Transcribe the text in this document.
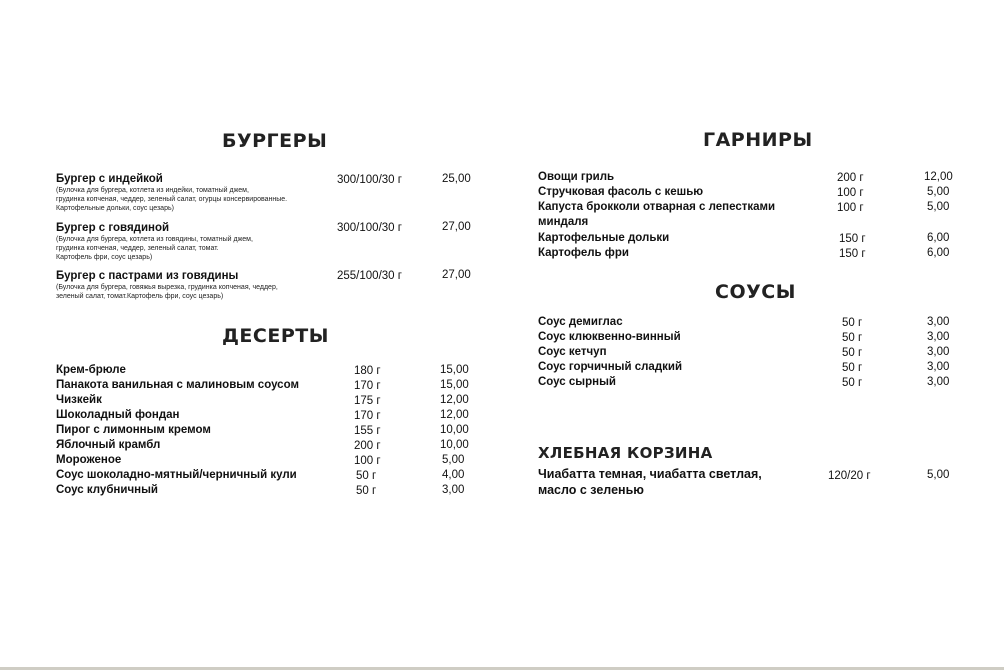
БУРГЕРЫ
Бургер с индейкой
(Булочка для бургера, котлета из индейки, томатный джем,
грудинка копченая, чеддер, зеленый салат, огурцы консервированные.
Картофельные дольки, соус цезарь)
300/100/30 г	25,00
Бургер с говядиной
(Булочка для бургера, котлета из говядины, томатный джем,
грудинка копченая, чеддер, зеленый салат, томат.
Картофель фри, соус цезарь)
300/100/30 г	27,00
Бургер с пастрами из говядины
(Булочка для бургера, говяжья вырезка, грудинка копченая, чеддер,
зеленый салат, томат.Картофель фри, соус цезарь)
255/100/30 г	27,00
ДЕСЕРТЫ
Крем-брюле	180 г	15,00
Панакота ванильная с малиновым соусом	170 г	15,00
Чизкейк	175 г	12,00
Шоколадный фондан	170 г	12,00
Пирог с лимонным кремом	155 г	10,00
Яблочный крамбл	200 г	10,00
Мороженое	100 г	5,00
Соус шоколадно-мятный/черничный кули	50 г	4,00
Соус клубничный	50 г	3,00
ГАРНИРЫ
Овощи гриль	200 г	12,00
Стручковая фасоль с кешью	100 г	5,00
Капуста брокколи отварная с лепестками
миндаля
100 г	5,00
Картофельные дольки	150 г	6,00
Картофель фри	150 г	6,00
СОУСЫ
Соус демиглас	50 г	3,00
Соус клюквенно-винный	50 г	3,00
Соус кетчуп	50 г	3,00
Соус горчичный сладкий	50 г	3,00
Соус сырный	50 г	3,00
ХЛЕБНАЯ КОРЗИНА
Чиабатта темная, чиабатта светлая,
масло с зеленью
120/20 г	5,00
